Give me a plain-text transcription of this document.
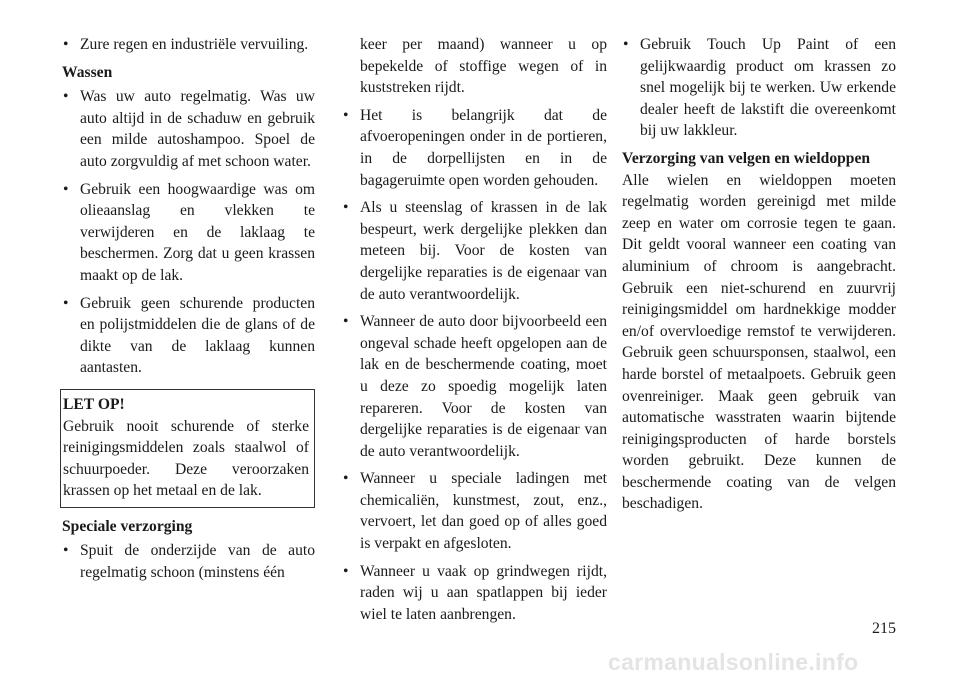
• Zure regen en industriële vervuiling.
Wassen
• Was uw auto regelmatig. Was uw auto altijd in de schaduw en gebruik een milde autoshampoo. Spoel de auto zorgvuldig af met schoon water.
• Gebruik een hoogwaardige was om olieaanslag en vlekken te verwijderen en de laklaag te beschermen. Zorg dat u geen krassen maakt op de lak.
• Gebruik geen schurende producten en polijstmiddelen die de glans of de dikte van de laklaag kunnen aantasten.
LET OP!
Gebruik nooit schurende of sterke reinigingsmiddelen zoals staalwol of schuurpoeder. Deze veroorzaken krassen op het metaal en de lak.
Speciale verzorging
• Spuit de onderzijde van de auto regelmatig schoon (minstens één
keer per maand) wanneer u op bepekelde of stoffige wegen of in kuststreken rijdt.
• Het is belangrijk dat de afvoeropeningen onder in de portieren, in de dorpellijsten en in de bagageruimte open worden gehouden.
• Als u steenslag of krassen in de lak bespeurt, werk dergelijke plekken dan meteen bij. Voor de kosten van dergelijke reparaties is de eigenaar van de auto verantwoordelijk.
• Wanneer de auto door bijvoorbeeld een ongeval schade heeft opgelopen aan de lak en de beschermende coating, moet u deze zo spoedig mogelijk laten repareren. Voor de kosten van dergelijke reparaties is de eigenaar van de auto verantwoordelijk.
• Wanneer u speciale ladingen met chemicaliën, kunstmest, zout, enz., vervoert, let dan goed op of alles goed is verpakt en afgesloten.
• Wanneer u vaak op grindwegen rijdt, raden wij u aan spatlappen bij ieder wiel te laten aanbrengen.
• Gebruik Touch Up Paint of een gelijkwaardig product om krassen zo snel mogelijk bij te werken. Uw erkende dealer heeft de lakstift die overeenkomt bij uw lakkleur.
Verzorging van velgen en wieldoppen
Alle wielen en wieldoppen moeten regelmatig worden gereinigd met milde zeep en water om corrosie tegen te gaan. Dit geldt vooral wanneer een coating van aluminium of chroom is aangebracht. Gebruik een niet-schurend en zuurvrij reinigingsmiddel om hardnekkige modder en/of overvloedige remstof te verwijderen. Gebruik geen schuursponsen, staalwol, een harde borstel of metaalpoets. Gebruik geen ovenreiniger. Maak geen gebruik van automatische wasstraten waarin bijtende reinigingsproducten of harde borstels worden gebruikt. Deze kunnen de beschermende coating van de velgen beschadigen.
215
carmanualsonline.info
